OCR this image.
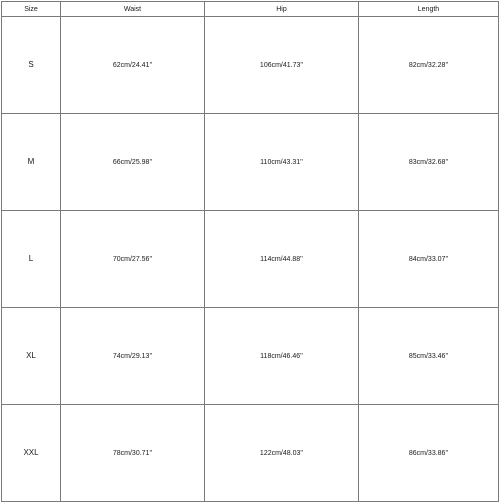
Size	Waist	Hip	Length
S	62cm/24.41''	106cm/41.73''	82cm/32.28''
M	66cm/25.98''	110cm/43.31''	83cm/32.68''
L	70cm/27.56''	114cm/44.88''	84cm/33.07''
XL	74cm/29.13''	118cm/46.46''	85cm/33.46''
XXL	78cm/30.71''	122cm/48.03''	86cm/33.86''
